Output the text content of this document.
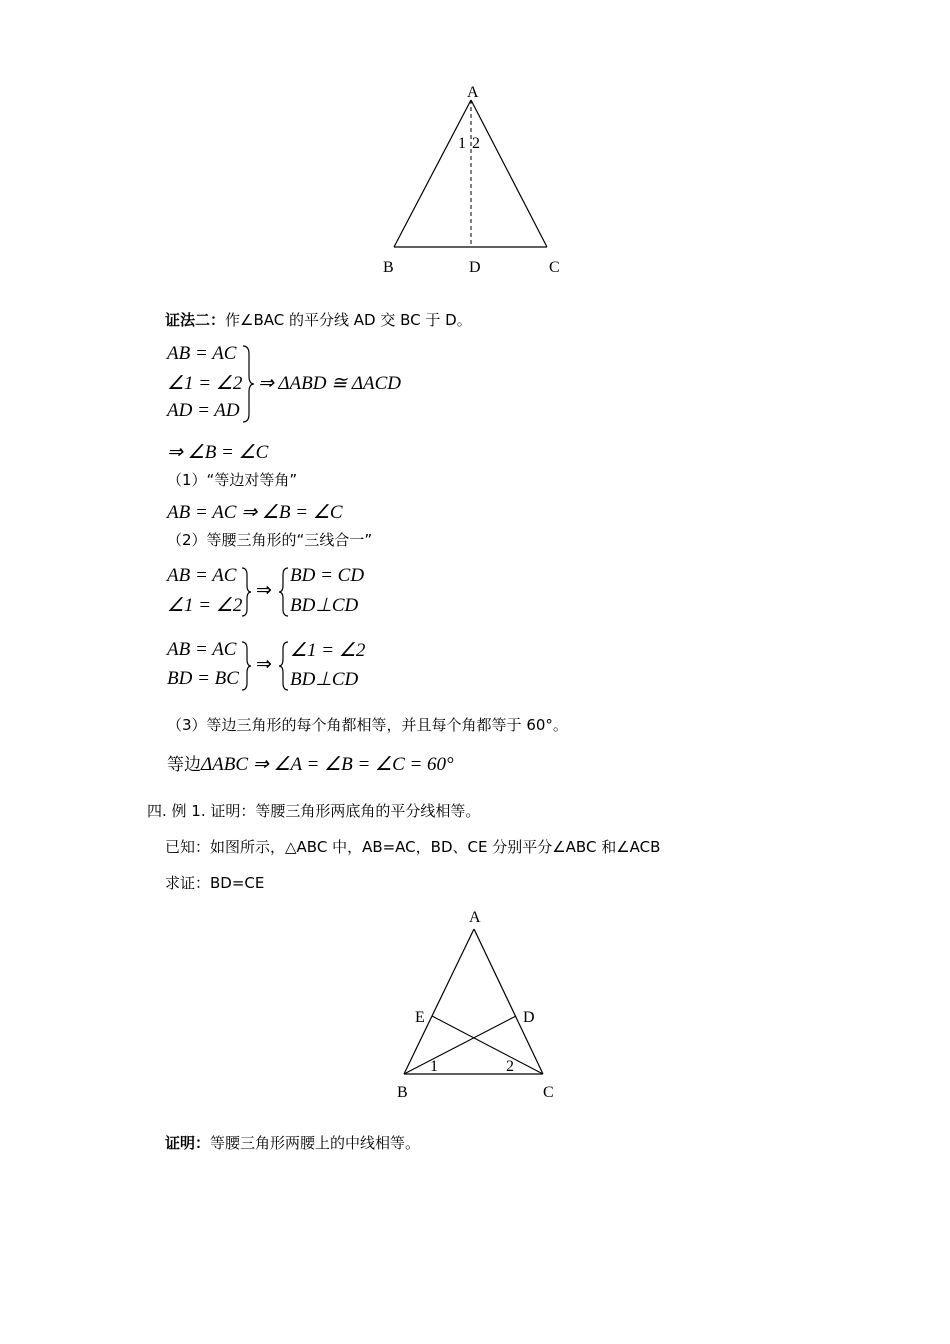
A
1 2
B	D	C
证法二：作∠BAC 的平分线 AD 交 BC 于 D。
AB = AC
∠1 = ∠2
AD = AD
⇒ ΔABD ≅ ΔACD
⇒ ∠B = ∠C
（1）“等边对等角”
AB = AC ⇒ ∠B = ∠C
（2）等腰三角形的“三线合一”
AB = AC
∠1 = ∠2
⇒
BD = CD
BD⊥CD
AB = AC
BD = BC
⇒
∠1 = ∠2
BD⊥CD
（3）等边三角形的每个角都相等，并且每个角都等于 60°。
等边ΔABC ⇒ ∠A = ∠B = ∠C = 60°
四. 例 1. 证明：等腰三角形两底角的平分线相等。
已知：如图所示，△ABC 中，AB=AC，BD、CE 分别平分∠ABC 和∠ACB
求证：BD=CE
A
E	D
1	2
B	C
证明：等腰三角形两腰上的中线相等。
